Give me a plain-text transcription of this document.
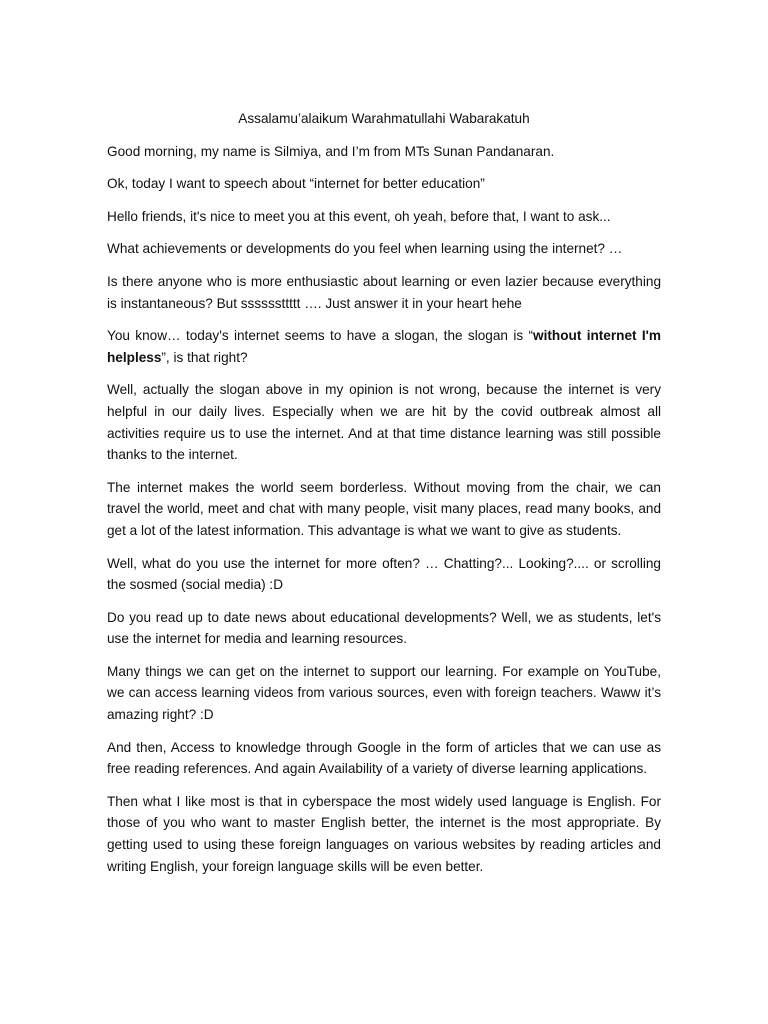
Assalamu’alaikum Warahmatullahi Wabarakatuh

Good morning, my name is Silmiya, and I’m from MTs Sunan Pandanaran.

Ok, today I want to speech about “internet for better education”

Hello friends, it's nice to meet you at this event, oh yeah, before that, I want to ask...

What achievements or developments do you feel when learning using the internet? …

Is there anyone who is more enthusiastic about learning or even lazier because everything is instantaneous? But ssssssttttt …. Just answer it in your heart hehe

You know… today's internet seems to have a slogan, the slogan is “without internet I'm helpless”, is that right?

Well, actually the slogan above in my opinion is not wrong, because the internet is very helpful in our daily lives. Especially when we are hit by the covid outbreak almost all activities require us to use the internet. And at that time distance learning was still possible thanks to the internet.

The internet makes the world seem borderless. Without moving from the chair, we can travel the world, meet and chat with many people, visit many places, read many books, and get a lot of the latest information. This advantage is what we want to give as students.

Well, what do you use the internet for more often? … Chatting?... Looking?.... or scrolling the sosmed (social media) :D

Do you read up to date news about educational developments? Well, we as students, let's use the internet for media and learning resources.

Many things we can get on the internet to support our learning. For example on YouTube, we can access learning videos from various sources, even with foreign teachers. Waww it’s amazing right? :D

And then, Access to knowledge through Google in the form of articles that we can use as free reading references. And again Availability of a variety of diverse learning applications.

Then what I like most is that in cyberspace the most widely used language is English. For those of you who want to master English better, the internet is the most appropriate. By getting used to using these foreign languages on various websites by reading articles and writing English, your foreign language skills will be even better.
